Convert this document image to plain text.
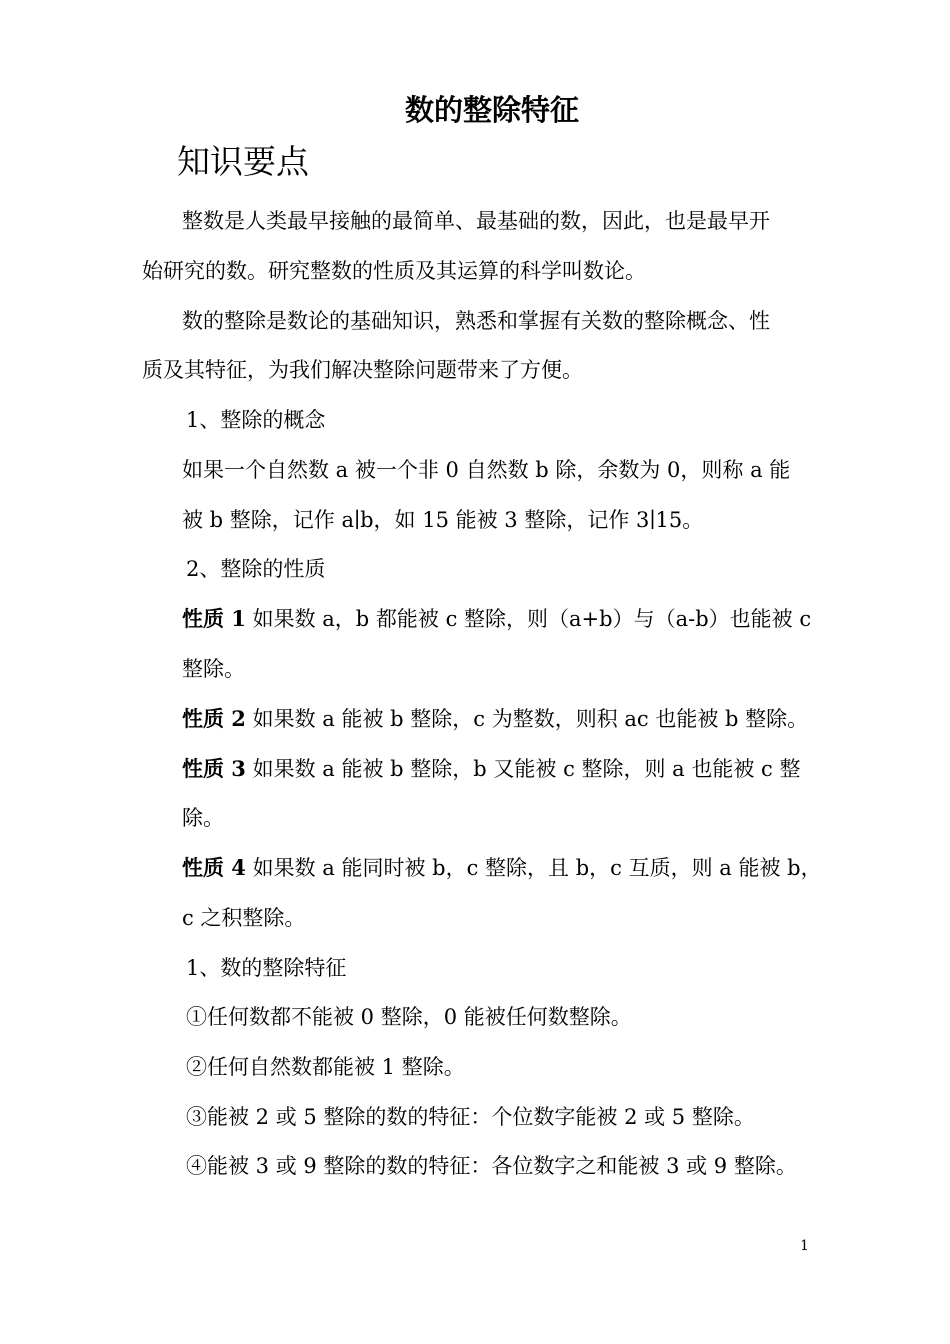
数的整除特征
知识要点
整数是人类最早接触的最简单、最基础的数，因此，也是最早开
始研究的数。研究整数的性质及其运算的科学叫数论。
数的整除是数论的基础知识，熟悉和掌握有关数的整除概念、性
质及其特征，为我们解决整除问题带来了方便。
1、整除的概念
如果一个自然数 a 被一个非 0 自然数 b 除，余数为 0，则称 a 能
被 b 整除，记作 a∣b，如 15 能被 3 整除，记作 3∣15。
2、整除的性质
性质 1 如果数 a，b 都能被 c 整除，则（a+b）与（a-b）也能被 c
整除。
性质 2 如果数 a 能被 b 整除，c 为整数，则积 ac 也能被 b 整除。
性质 3 如果数 a 能被 b 整除，b 又能被 c 整除，则 a 也能被 c 整
除。
性质 4 如果数 a 能同时被 b，c 整除，且 b，c 互质，则 a 能被 b，
c 之积整除。
1、数的整除特征
①任何数都不能被 0 整除，0 能被任何数整除。
②任何自然数都能被 1 整除。
③能被 2 或 5 整除的数的特征：个位数字能被 2 或 5 整除。
④能被 3 或 9 整除的数的特征：各位数字之和能被 3 或 9 整除。
1
